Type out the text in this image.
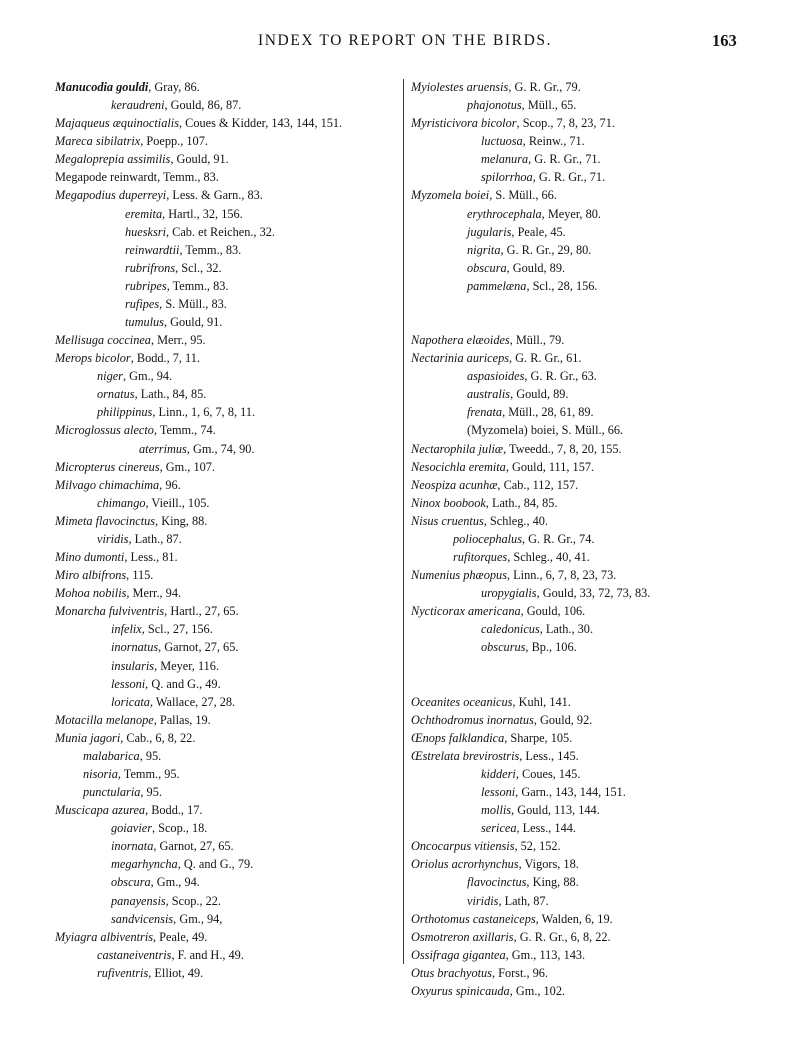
INDEX TO REPORT ON THE BIRDS.	163
Manucodia gouldi, Gray, 86.
keraudreni, Gould, 86, 87.
Majaqueus æquinoctialis, Coues & Kidder, 143, 144, 151.
Mareca sibilatrix, Poepp., 107.
Megaloprepia assimilis, Gould, 91.
Megapode reinwardt, Temm., 83.
Megapodius duperreyi, Less. & Garn., 83.
eremita, Hartl., 32, 156.
huesksri, Cab. et Reichen., 32.
reinwardtii, Temm., 83.
rubrifrons, Scl., 32.
rubripes, Temm., 83.
rufipes, S. Müll., 83.
tumulus, Gould, 91.
Mellisuga coccinea, Merr., 95.
Merops bicolor, Bodd., 7, 11.
niger, Gm., 94.
ornatus, Lath., 84, 85.
philippinus, Linn., 1, 6, 7, 8, 11.
Microglossus alecto, Temm., 74.
aterrimus, Gm., 74, 90.
Micropterus cinereus, Gm., 107.
Milvago chimachima, 96.
chimango, Vieill., 105.
Mimeta flavocinctus, King, 88.
viridis, Lath., 87.
Mino dumonti, Less., 81.
Miro albifrons, 115.
Mohoa nobilis, Merr., 94.
Monarcha fulviventris, Hartl., 27, 65.
infelix, Scl., 27, 156.
inornatus, Garnot, 27, 65.
insularis, Meyer, 116.
lessoni, Q. and G., 49.
loricata, Wallace, 27, 28.
Motacilla melanope, Pallas, 19.
Munia jagori, Cab., 6, 8, 22.
malabarica, 95.
nisoria, Temm., 95.
punctularia, 95.
Muscicapa azurea, Bodd., 17.
goiavier, Scop., 18.
inornata, Garnot, 27, 65.
megarhyncha, Q. and G., 79.
obscura, Gm., 94.
panayensis, Scop., 22.
sandvicensis, Gm., 94,
Myiagra albiventris, Peale, 49.
castaneiventris, F. and H., 49.
rufiventris, Elliot, 49.
Myiolestes aruensis, G. R. Gr., 79.
phajonotus, Müll., 65.
Myristicivora bicolor, Scop., 7, 8, 23, 71.
luctuosa, Reinw., 71.
melanura, G. R. Gr., 71.
spilorrhoa, G. R. Gr., 71.
Myzomela boiei, S. Müll., 66.
erythrocephala, Meyer, 80.
jugularis, Peale, 45.
nigrita, G. R. Gr., 29, 80.
obscura, Gould, 89.
pammelæna, Scl., 28, 156.
Napothera elæoides, Müll., 79.
Nectarinia auriceps, G. R. Gr., 61.
aspasioides, G. R. Gr., 63.
australis, Gould, 89.
frenata, Müll., 28, 61, 89.
(Myzomela) boiei, S. Müll., 66.
Nectarophila juliæ, Tweedd., 7, 8, 20, 155.
Nesocichla eremita, Gould, 111, 157.
Neospiza acunhæ, Cab., 112, 157.
Ninox boobook, Lath., 84, 85.
Nisus cruentus, Schleg., 40.
poliocephalus, G. R. Gr., 74.
rufitorques, Schleg., 40, 41.
Numenius phæopus, Linn., 6, 7, 8, 23, 73.
uropygialis, Gould, 33, 72, 73, 83.
Nycticorax americana, Gould, 106.
caledonicus, Lath., 30.
obscurus, Bp., 106.
Oceanites oceanicus, Kuhl, 141.
Ochthodromus inornatus, Gould, 92.
Œnops falklandica, Sharpe, 105.
Œstrelata brevirostris, Less., 145.
kidderi, Coues, 145.
lessoni, Garn., 143, 144, 151.
mollis, Gould, 113, 144.
sericea, Less., 144.
Oncocarpus vitiensis, 52, 152.
Oriolus acrorhynchus, Vigors, 18.
flavocinctus, King, 88.
viridis, Lath, 87.
Orthotomus castaneiceps, Walden, 6, 19.
Osmotreron axillaris, G. R. Gr., 6, 8, 22.
Ossifraga gigantea, Gm., 113, 143.
Otus brachyotus, Forst., 96.
Oxyurus spinicauda, Gm., 102.
